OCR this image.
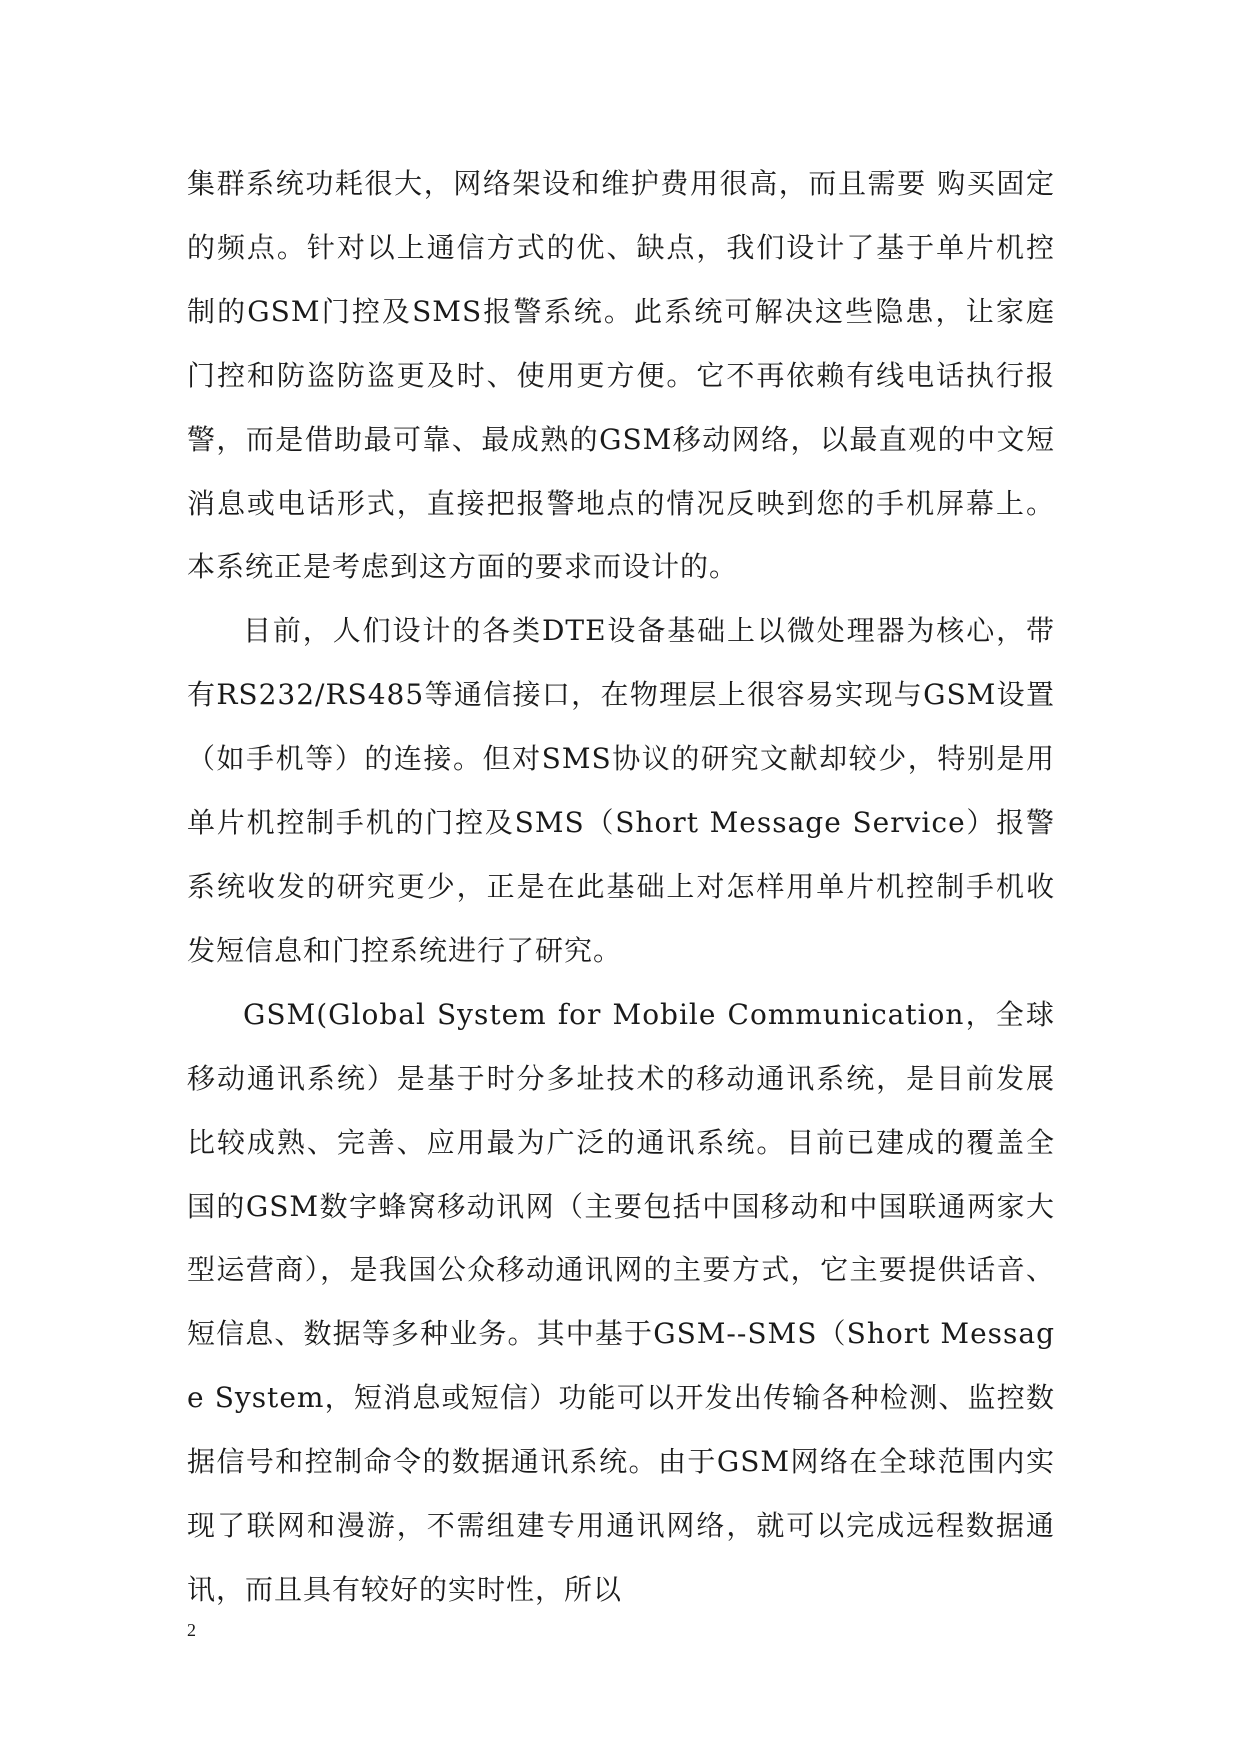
集群系统功耗很大，网络架设和维护费用很高，而且需要 购买固定的频点。针对以上通信方式的优、缺点，我们设计了基于单片机控制的GSM门控及SMS报警系统。此系统可解决这些隐患，让家庭门控和防盗防盗更及时、使用更方便。它不再依赖有线电话执行报警，而是借助最可靠、最成熟的GSM移动网络，以最直观的中文短消息或电话形式，直接把报警地点的情况反映到您的手机屏幕上。本系统正是考虑到这方面的要求而设计的。

目前，人们设计的各类DTE设备基础上以微处理器为核心，带有RS232/RS485等通信接口，在物理层上很容易实现与GSM设置（如手机等）的连接。但对SMS协议的研究文献却较少，特别是用单片机控制手机的门控及SMS（Short Message Service）报警系统收发的研究更少，正是在此基础上对怎样用单片机控制手机收发短信息和门控系统进行了研究。

GSM(Global System for Mobile Communication，全球移动通讯系统）是基于时分多址技术的移动通讯系统，是目前发展比较成熟、完善、应用最为广泛的通讯系统。目前已建成的覆盖全国的GSM数字蜂窝移动讯网（主要包括中国移动和中国联通两家大型运营商），是我国公众移动通讯网的主要方式，它主要提供话音、短信息、数据等多种业务。其中基于GSM--SMS（Short Message System，短消息或短信）功能可以开发出传输各种检测、监控数据信号和控制命令的数据通讯系统。由于GSM网络在全球范围内实现了联网和漫游，不需组建专用通讯网络，就可以完成远程数据通讯，而且具有较好的实时性，所以

2
